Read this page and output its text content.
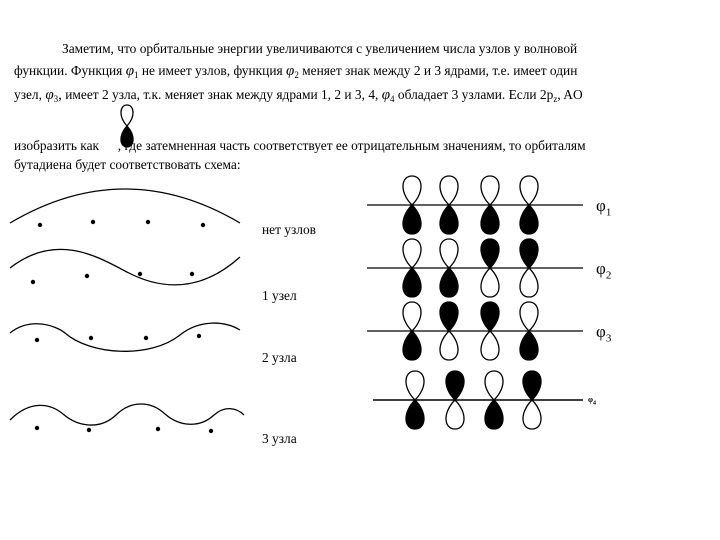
Заметим, что орбитальные энергии увеличиваются с увеличением числа узлов у волновой
функции. Функция $\varphi_1$ не имеет узлов, функция $\varphi_2$ меняет знак между 2 и 3 ядрами, т.е. имеет один
узел, $\varphi_3$, имеет 2 узла, т.к. меняет знак между ядрами 1, 2 и 3, 4, $\varphi_4$ обладает 3 узлами. Если $2p_z$, AO
изобразить как , где затемненная часть соответствует ее отрицательным значениям, то орбиталям
бутадиена будет соответствовать схема:
нет узлов
1 узел
2 узла
3 узла
$\varphi_1$
$\varphi_2$
$\varphi_3$
$\varphi_4$
